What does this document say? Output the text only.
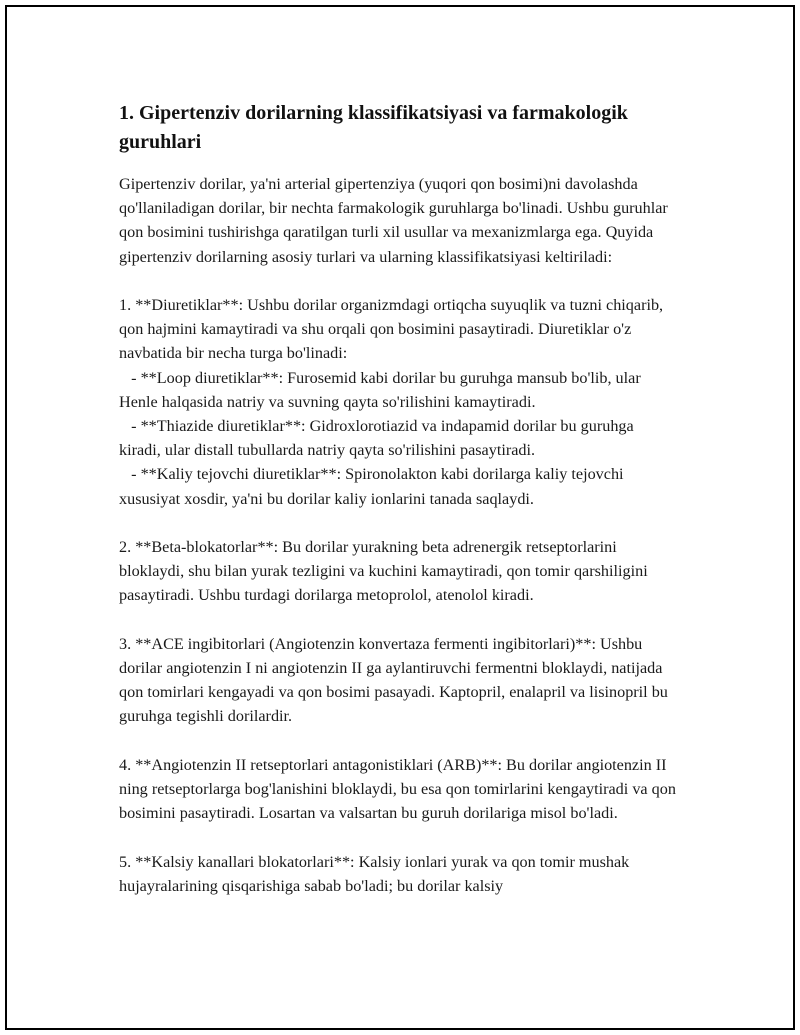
1. Gipertenziv dorilarning klassifikatsiyasi va farmakologik guruhlari

Gipertenziv dorilar, ya'ni arterial gipertenziya (yuqori qon bosimi)ni davolashda qo'llaniladigan dorilar, bir nechta farmakologik guruhlarga bo'linadi. Ushbu guruhlar qon bosimini tushirishga qaratilgan turli xil usullar va mexanizmlarga ega. Quyida gipertenziv dorilarning asosiy turlari va ularning klassifikatsiyasi keltiriladi:

1. **Diuretiklar**: Ushbu dorilar organizmdagi ortiqcha suyuqlik va tuzni chiqarib, qon hajmini kamaytiradi va shu orqali qon bosimini pasaytiradi. Diuretiklar o'z navbatida bir necha turga bo'linadi:
- **Loop diuretiklar**: Furosemid kabi dorilar bu guruhga mansub bo'lib, ular Henle halqasida natriy va suvning qayta so'rilishini kamaytiradi.
- **Thiazide diuretiklar**: Gidroxlorotiazid va indapamid dorilar bu guruhga kiradi, ular distall tubullarda natriy qayta so'rilishini pasaytiradi.
- **Kaliy tejovchi diuretiklar**: Spironolakton kabi dorilarga kaliy tejovchi xususiyat xosdir, ya'ni bu dorilar kaliy ionlarini tanada saqlaydi.

2. **Beta-blokatorlar**: Bu dorilar yurakning beta adrenergik retseptorlarini bloklaydi, shu bilan yurak tezligini va kuchini kamaytiradi, qon tomir qarshiligini pasaytiradi. Ushbu turdagi dorilarga metoprolol, atenolol kiradi.

3. **ACE ingibitorlari (Angiotenzin konvertaza fermenti ingibitorlari)**: Ushbu dorilar angiotenzin I ni angiotenzin II ga aylantiruvchi fermentni bloklaydi, natijada qon tomirlari kengayadi va qon bosimi pasayadi. Kaptopril, enalapril va lisinopril bu guruhga tegishli dorilardir.

4. **Angiotenzin II retseptorlari antagonistiklari (ARB)**: Bu dorilar angiotenzin II ning retseptorlarga bog'lanishini bloklaydi, bu esa qon tomirlarini kengaytiradi va qon bosimini pasaytiradi. Losartan va valsartan bu guruh dorilariga misol bo'ladi.

5. **Kalsiy kanallari blokatorlari**: Kalsiy ionlari yurak va qon tomir mushak hujayralarining qisqarishiga sabab bo'ladi; bu dorilar kalsiy
